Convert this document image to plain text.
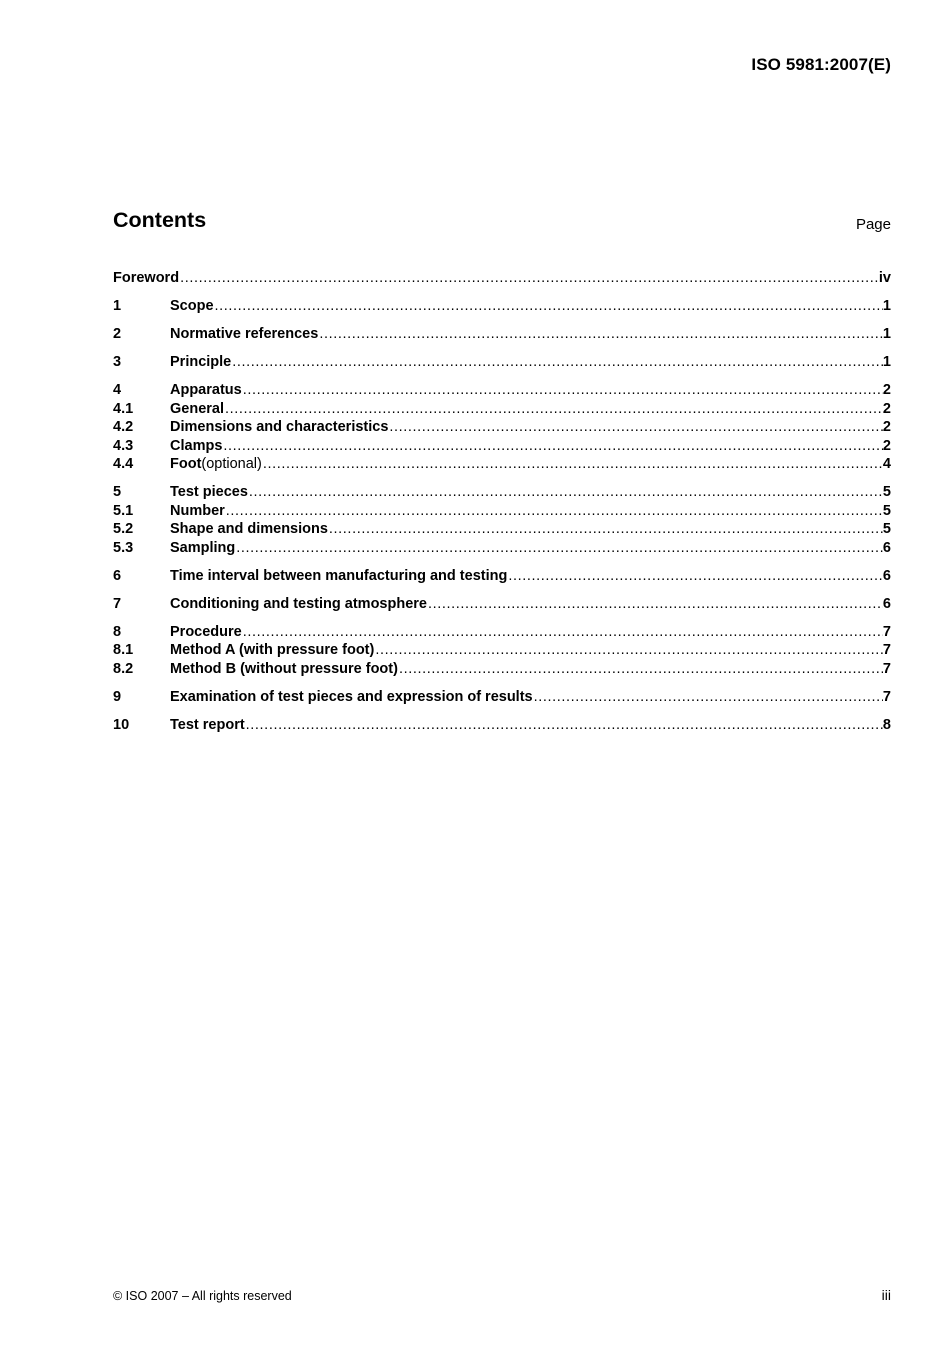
ISO 5981:2007(E)
Contents	Page
Foreword .....	iv
1	Scope .....	1
2	Normative references .....	1
3	Principle .....	1
4	Apparatus .....	2
4.1	General .....	2
4.2	Dimensions and characteristics .....	2
4.3	Clamps .....	2
4.4	Foot (optional) .....	4
5	Test pieces .....	5
5.1	Number .....	5
5.2	Shape and dimensions .....	5
5.3	Sampling .....	6
6	Time interval between manufacturing and testing .....	6
7	Conditioning and testing atmosphere .....	6
8	Procedure .....	7
8.1	Method A (with pressure foot) .....	7
8.2	Method B (without pressure foot) .....	7
9	Examination of test pieces and expression of results .....	7
10	Test report .....	8
© ISO 2007 – All rights reserved	iii
